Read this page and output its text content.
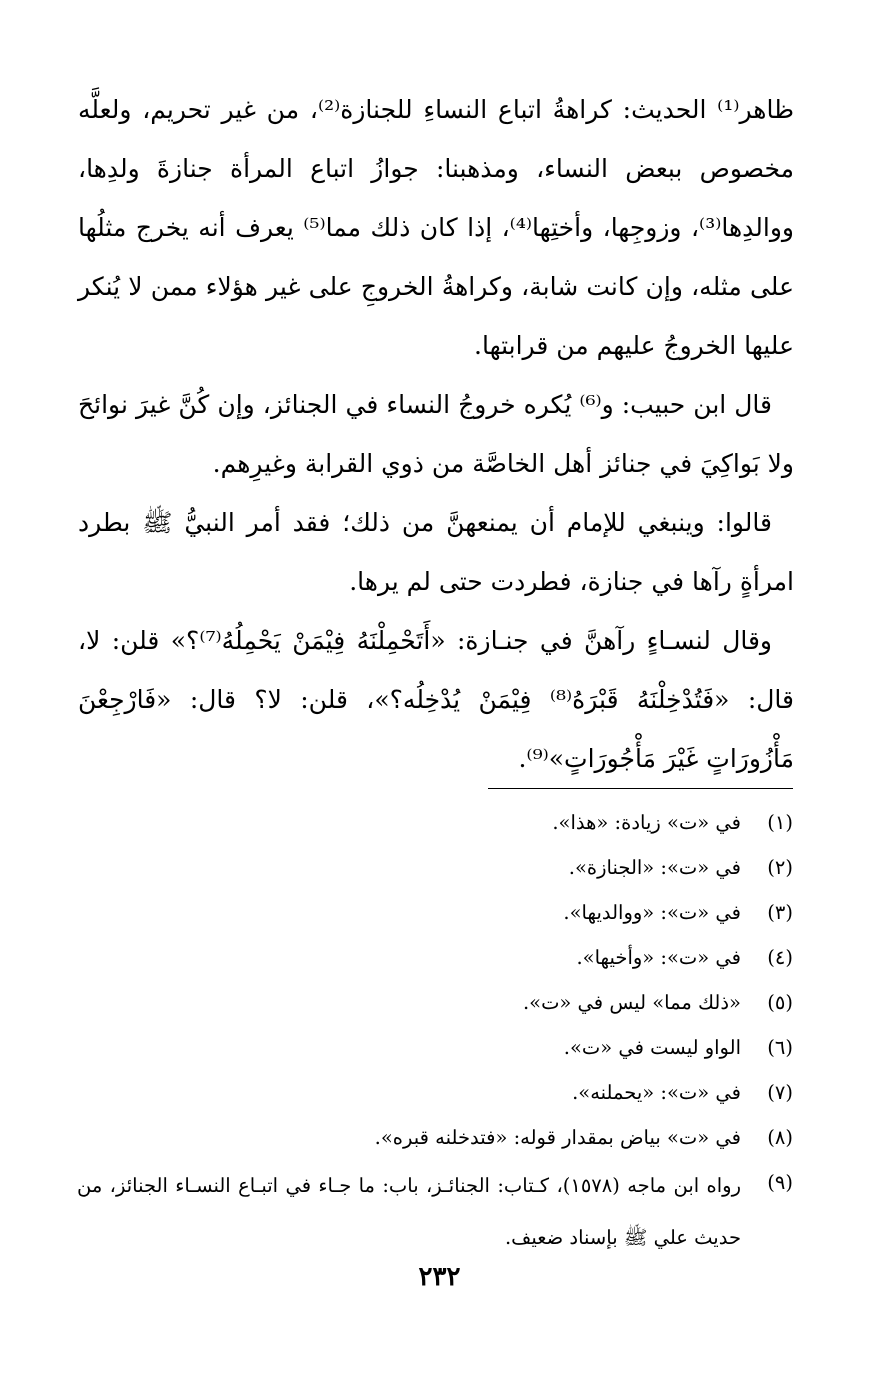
ظاهر⁽¹⁾ الحديث: كراهةُ اتباع النساءِ للجنازة⁽²⁾، من غير تحريم، ولعلَّه مخصوص ببعض النساء، ومذهبنا: جوازُ اتباع المرأة جنازةَ ولدِها، ووالدِها⁽³⁾، وزوجِها، وأختِها⁽⁴⁾، إذا كان ذلك مما⁽⁵⁾ يعرف أنه يخرج مثلُها على مثله، وإن كانت شابة، وكراهةُ الخروجِ على غير هؤلاء ممن لا يُنكر عليها الخروجُ عليهم من قرابتها.

قال ابن حبيب: و⁽⁶⁾ يُكره خروجُ النساء في الجنائز، وإن كُنَّ غيرَ نوائحَ ولا بَواكِيَ في جنائز أهل الخاصَّة من ذوي القرابة وغيرِهم.

قالوا: وينبغي للإمام أن يمنعهنَّ من ذلك؛ فقد أمر النبيُّ ﷺ بطرد امرأةٍ رآها في جنازة، فطردت حتى لم يرها.

وقال لنسـاءٍ رآهنَّ في جنـازة: «أَتَحْمِلْنَهُ فِيْمَنْ يَحْمِلُهُ⁽⁷⁾؟» قلن: لا، قال: «فَتُدْخِلْنَهُ قَبْرَهُ⁽⁸⁾ فِيْمَنْ يُدْخِلُه؟»، قلن: لا؟ قال: «فَارْجِعْنَ مَأْزُورَاتٍ غَيْرَ مَأْجُورَاتٍ»⁽⁹⁾.

(١)
في «ت» زيادة: «هذا».
(٢)
في «ت»: «الجنازة».
(٣)
في «ت»: «ووالديها».
(٤)
في «ت»: «وأخيها».
(٥)
«ذلك مما» ليس في «ت».
(٦)
الواو ليست في «ت».
(٧)
في «ت»: «يحملنه».
(٨)
في «ت» بياض بمقدار قوله: «فتدخلنه قبره».
(٩)
رواه ابن ماجه (١٥٧٨)، كـتاب: الجنائـز، باب: ما جـاء في اتبـاع النسـاء الجنائز، من حديث علي ﷺ بإسناد ضعيف.
٢٣٢
